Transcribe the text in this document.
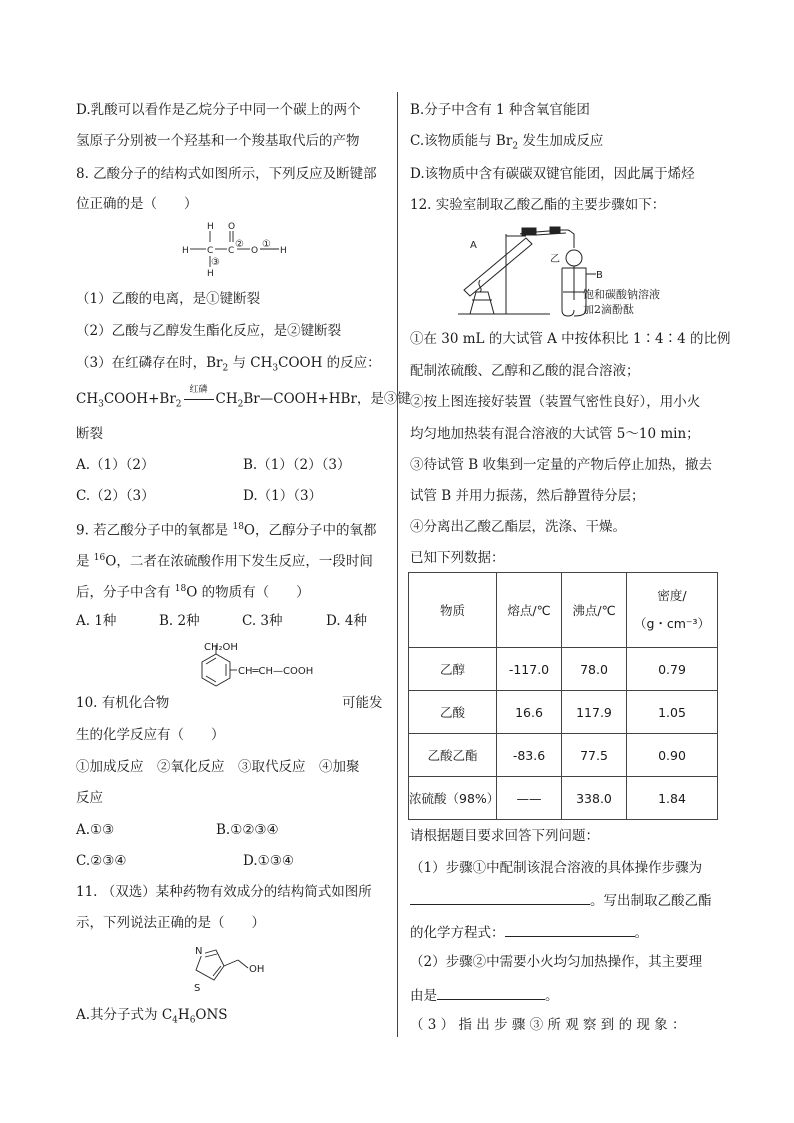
D.乳酸可以看作是乙烷分子中同一个碳上的两个
氢原子分别被一个羟基和一个羧基取代后的产物
8. 乙酸分子的结构式如图所示，下列反应及断键部
位正确的是（　　）
H O
H C C O H
H
② ①
③
（1）乙酸的电离，是①键断裂
（2）乙酸与乙醇发生酯化反应，是②键断裂
（3）在红磷存在时，$Br_2$ 与 $CH_3COOH$ 的反应：
$CH_3COOH+Br_2$
红磷
$CH_2Br—COOH+HBr$，是③键
断裂
A.（1）（2）	B.（1）（2）（3）
C.（2）（3）	D.（1）（3）
9. 若乙酸分子中的氧都是 $^{18}$O，乙醇分子中的氧都
是 $^{16}$O，二者在浓硫酸作用下发生反应，一段时间
后，分子中含有 $^{18}$O 的物质有（　　）
A. 1种	B. 2种	C. 3种	D. 4种
CH₂OH
CH═CH—COOH
10. 有机化合物	可能发
生的化学反应有（　　）
①加成反应　②氧化反应　③取代反应　④加聚
反应
A.①③	B.①②③④
C.②③④	D.①③④
11. （双选）某种药物有效成分的结构简式如图所
示，下列说法正确的是（　　）
N
S
OH
A.其分子式为 $C_4H_6ONS$
B.分子中含有 1 种含氧官能团
C.该物质能与 $Br_2$ 发生加成反应
D.该物质中含有碳碳双键官能团，因此属于烯烃
12. 实验室制取乙酸乙酯的主要步骤如下：
A
乙
B
饱和碳酸钠溶液
加2滴酚酞
①在 30 mL 的大试管 A 中按体积比 1∶4∶4 的比例
配制浓硫酸、乙醇和乙酸的混合溶液；
②按上图连接好装置（装置气密性良好），用小火
均匀地加热装有混合溶液的大试管 5～10 min；
③待试管 B 收集到一定量的产物后停止加热，撤去
试管 B 并用力振荡，然后静置待分层；
④分离出乙酸乙酯层，洗涤、干燥。
已知下列数据：
物质	熔点/℃	沸点/℃	密度/
（g・cm⁻³）

乙醇	-117.0	78.0	0.79
乙酸	16.6	117.9	1.05
乙酸乙酯	-83.6	77.5	0.90
浓硫酸（98%）	——	338.0	1.84
请根据题目要求回答下列问题：
（1）步骤①中配制该混合溶液的具体操作步骤为
。写出制取乙酸乙酯
的化学方程式：	。
（2）步骤②中需要小火均匀加热操作，其主要理
由是	。
（ 3 ） 指 出 步 骤 ③ 所 观 察 到 的 现 象 ：
